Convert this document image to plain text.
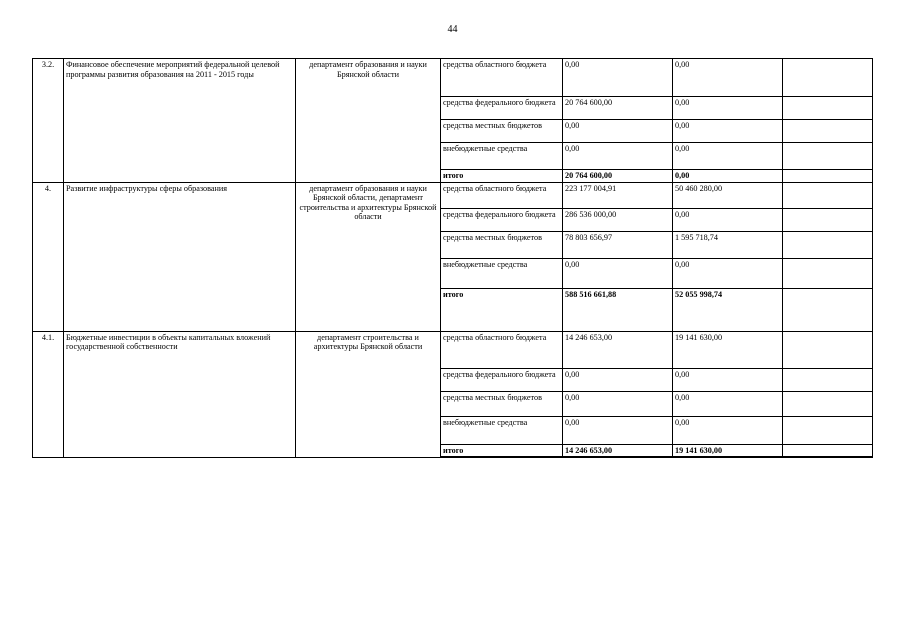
44
3.2.	Финансовое обеспечение мероприятий федеральной целевой программы развития образования на 2011 - 2015 годы	департамент образования и науки Брянской области	средства областного бюджета	0,00	0,00		
			средства федерального бюджета	20 764 600,00	0,00		
			средства местных бюджетов	0,00	0,00		
			внебюджетные средства	0,00	0,00		
			итого	20 764 600,00	0,00		
4.	Развитие инфраструктуры сферы образования	департамент образования и науки Брянской области, департамент строительства и архитектуры Брянской области	средства областного бюджета	223 177 004,91	50 460 280,00		
			средства федерального бюджета	286 536 000,00	0,00		
			средства местных бюджетов	78 803 656,97	1 595 718,74		
			внебюджетные средства	0,00	0,00		
			итого	588 516 661,88	52 055 998,74		
4.1.	Бюджетные инвестиции в объекты капитальных вложений государственной собственности	департамент строительства и архитектуры Брянской области	средства областного бюджета	14 246 653,00	19 141 630,00		
			средства федерального бюджета	0,00	0,00		
			средства местных бюджетов	0,00	0,00		
			внебюджетные средства	0,00	0,00		
			итого	14 246 653,00	19 141 630,00		
